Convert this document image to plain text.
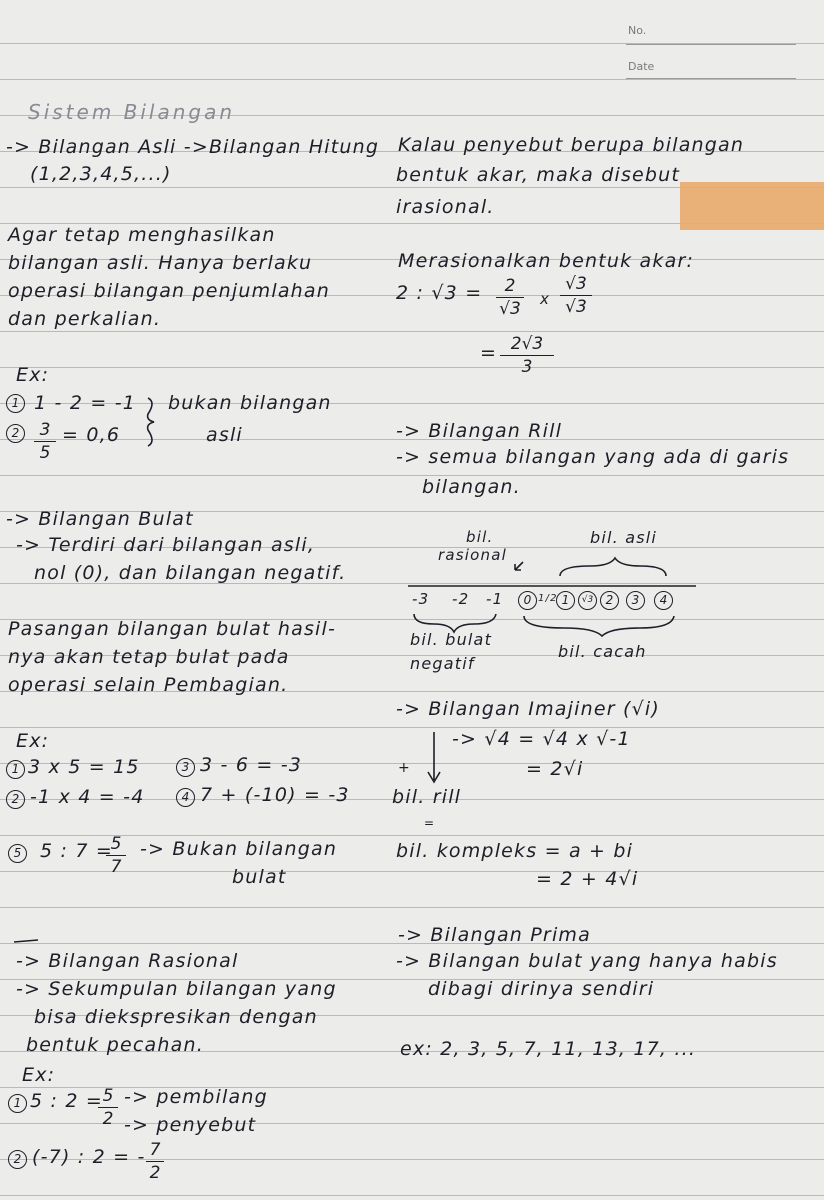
No.
Date
Sistem Bilangan
-> Bilangan Asli ->Bilangan Hitung
(1,2,3,4,5,...)
Agar tetap menghasilkan
bilangan asli. Hanya berlaku
operasi bilangan penjumlahan
dan perkalian.
Ex:
1 1 - 2 = -1
2	3
5
= 0,6
bukan bilangan
asli
-> Bilangan Bulat
-> Terdiri dari bilangan asli,
nol (0), dan bilangan negatif.
Pasangan bilangan bulat hasil-
nya akan tetap bulat pada
operasi selain Pembagian.
Ex:
1 3 x 5 = 15	3 3 - 6 = -3
2 -1 x 4 = -4	4 7 + (-10) = -3
5 5 : 7 =
5
7
-> Bukan bilangan
bulat
-> Bilangan Rasional
-> Sekumpulan bilangan yang
bisa diekspresikan dengan
bentuk pecahan.
Ex:
1 5 : 2 = 5
2
-> pembilang
-> penyebut
2 (-7) : 2 = - 7
2
Kalau penyebut berupa bilangan
bentuk akar, maka disebut
irasional.
Merasionalkan bentuk akar:
2 : √3 =	2
√3 x
√3
√3
= 2√3
3
-> Bilangan Rill
-> semua bilangan yang ada di garis
bilangan.
bil.
rasional
bil. asli
-3 -2 -1	0 1/2 1	√3	2	3	4
bil. bulat
negatif
bil. cacah
-> Bilangan Imajiner (√i)
-> √4 = √4 x √-1
= 2√i
+
bil. rill
=
bil. kompleks = a + bi
= 2 + 4√i
-> Bilangan Prima
-> Bilangan bulat yang hanya habis
dibagi dirinya sendiri
ex: 2, 3, 5, 7, 11, 13, 17, ...
